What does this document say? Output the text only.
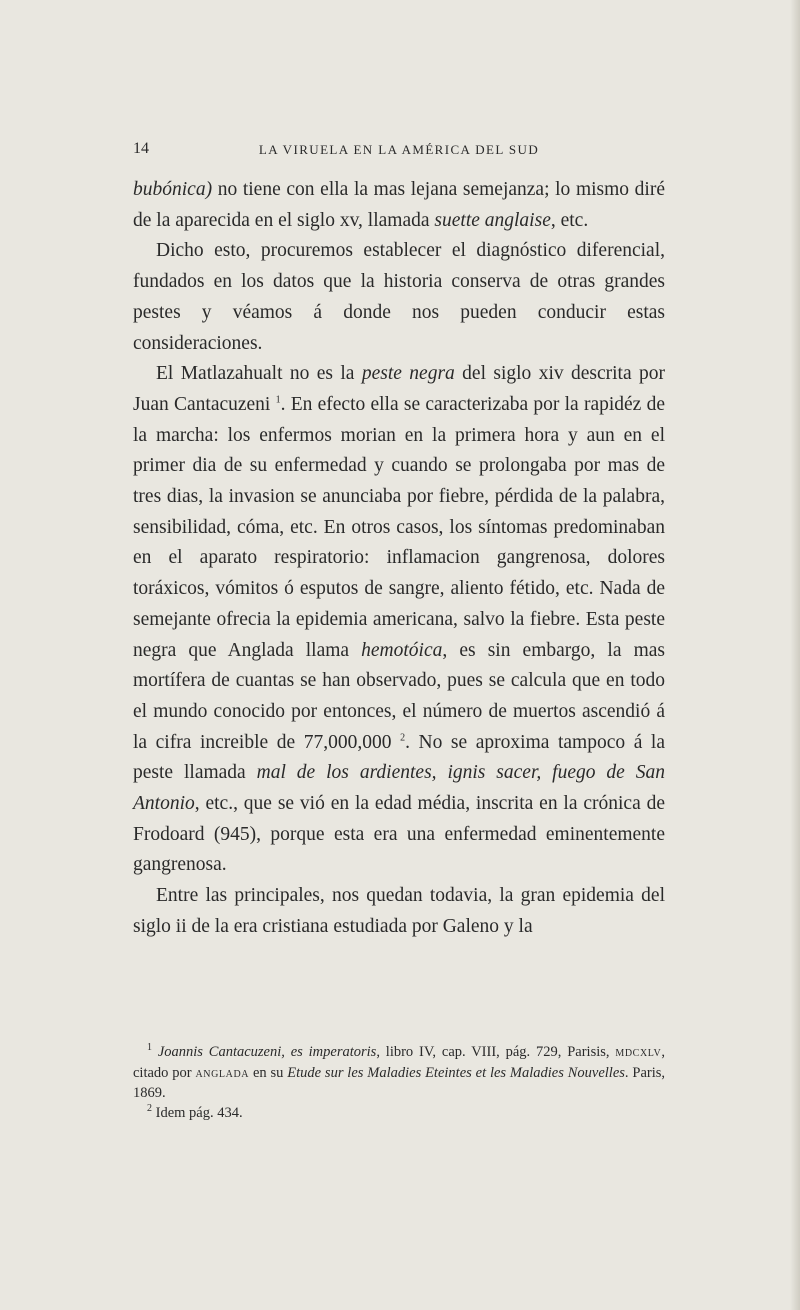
14	LA VIRUELA EN LA AMÉRICA DEL SUD

bubónica) no tiene con ella la mas lejana semejanza; lo mismo diré de la aparecida en el siglo xv, llamada suette anglaise, etc.

Dicho esto, procuremos establecer el diagnóstico diferencial, fundados en los datos que la historia conserva de otras grandes pestes y véamos á donde nos pueden conducir estas consideraciones.

El Matlazahualt no es la peste negra del siglo xiv descrita por Juan Cantacuzeni $^1$. En efecto ella se caracterizaba por la rapidéz de la marcha: los enfermos morian en la primera hora y aun en el primer dia de su enfermedad y cuando se prolongaba por mas de tres dias, la invasion se anunciaba por fiebre, pérdida de la palabra, sensibilidad, cóma, etc. En otros casos, los síntomas predominaban en el aparato respiratorio: inflamacion gangrenosa, dolores toráxicos, vómitos ó esputos de sangre, aliento fétido, etc. Nada de semejante ofrecia la epidemia americana, salvo la fiebre. Esta peste negra que Anglada llama hemotóica, es sin embargo, la mas mortífera de cuantas se han observado, pues se calcula que en todo el mundo conocido por entonces, el número de muertos ascendió á la cifra increible de 77,000,000 $^2$. No se aproxima tampoco á la peste llamada mal de los ardientes, ignis sacer, fuego de San Antonio, etc., que se vió en la edad média, inscrita en la crónica de Frodoard (945), porque esta era una enfermedad eminentemente gangrenosa.

Entre las principales, nos quedan todavia, la gran epidemia del siglo ii de la era cristiana estudiada por Galeno y la

$^1$ Joannis Cantacuzeni, es imperatoris, libro IV, cap. VIII, pág. 729, Parisis, MDCXLV, citado por ANGLADA en su Etude sur les Maladies Eteintes et les Maladies Nouvelles. Paris, 1869.

$^2$ Idem pág. 434.
